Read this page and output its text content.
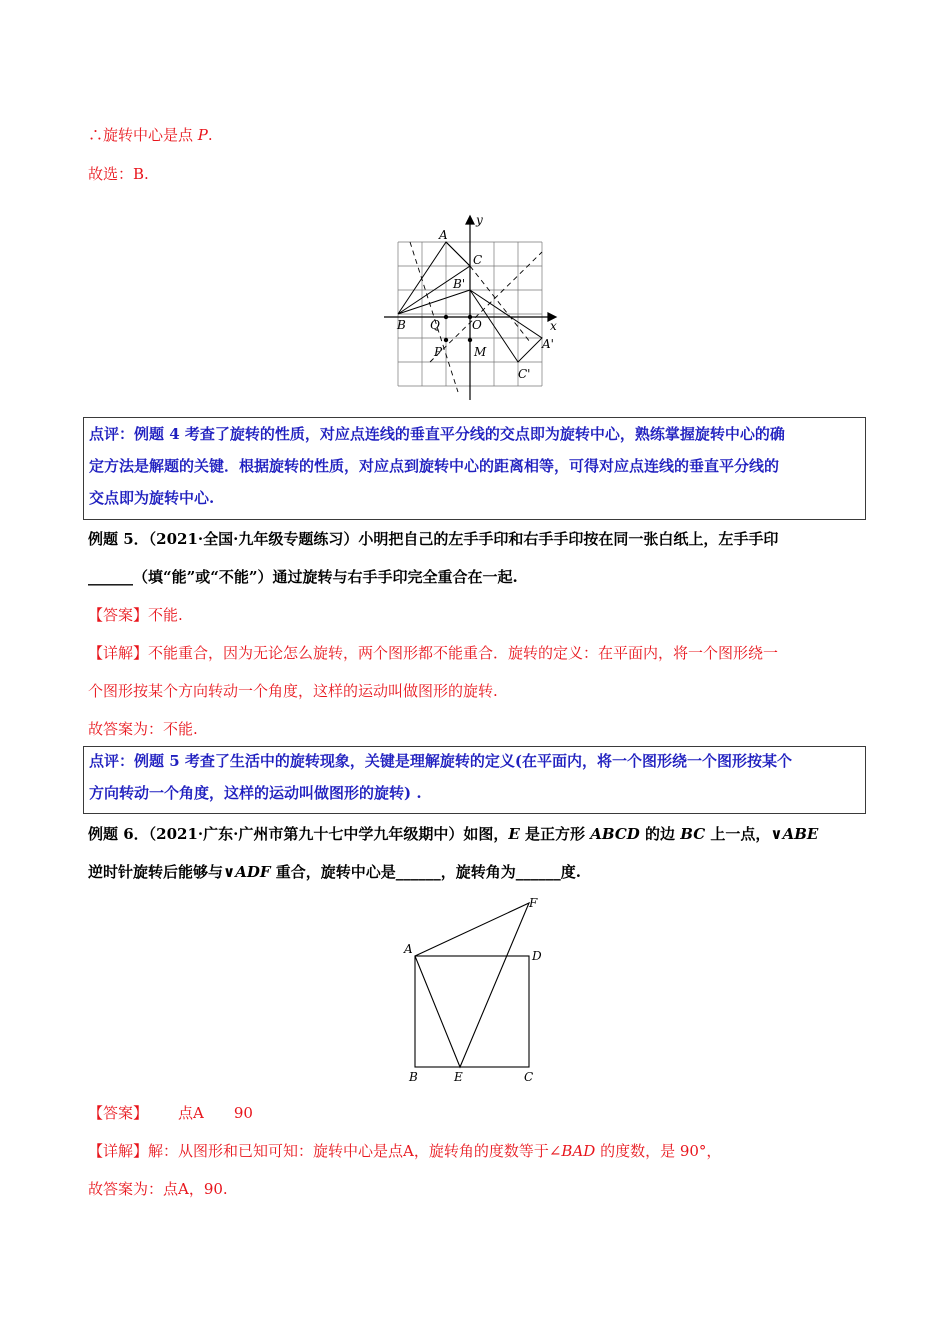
∴旋转中心是点 P.
故选：B.
y
A
C
B'
B Q	O	x
A'
P	M
C'
点评：例题 4 考查了旋转的性质，对应点连线的垂直平分线的交点即为旋转中心，熟练掌握旋转中心的确
定方法是解题的关键．根据旋转的性质，对应点到旋转中心的距离相等，可得对应点连线的垂直平分线的
交点即为旋转中心.
例题 5．（2021·全国·九年级专题练习）小明把自己的左手手印和右手手印按在同一张白纸上，左手手印
______（填“能”或“不能”）通过旋转与右手手印完全重合在一起.
【答案】不能.
【详解】不能重合，因为无论怎么旋转，两个图形都不能重合．旋转的定义：在平面内，将一个图形绕一
个图形按某个方向转动一个角度，这样的运动叫做图形的旋转.
故答案为：不能.
点评：例题 5 考查了生活中的旋转现象，关键是理解旋转的定义(在平面内，将一个图形绕一个图形按某个
方向转动一个角度，这样的运动叫做图形的旋转) .
例题 6．（2021·广东·广州市第九十七中学九年级期中）如图，E 是正方形 ABCD 的边 BC 上一点，∨ABE
逆时针旋转后能够与∨ADF 重合，旋转中心是______，旋转角为______度.
F
A	D
B	E	C
【答案】 点A 90
【详解】解：从图形和已知可知：旋转中心是点A，旋转角的度数等于∠BAD 的度数，是 90°，
故答案为：点A，90.
